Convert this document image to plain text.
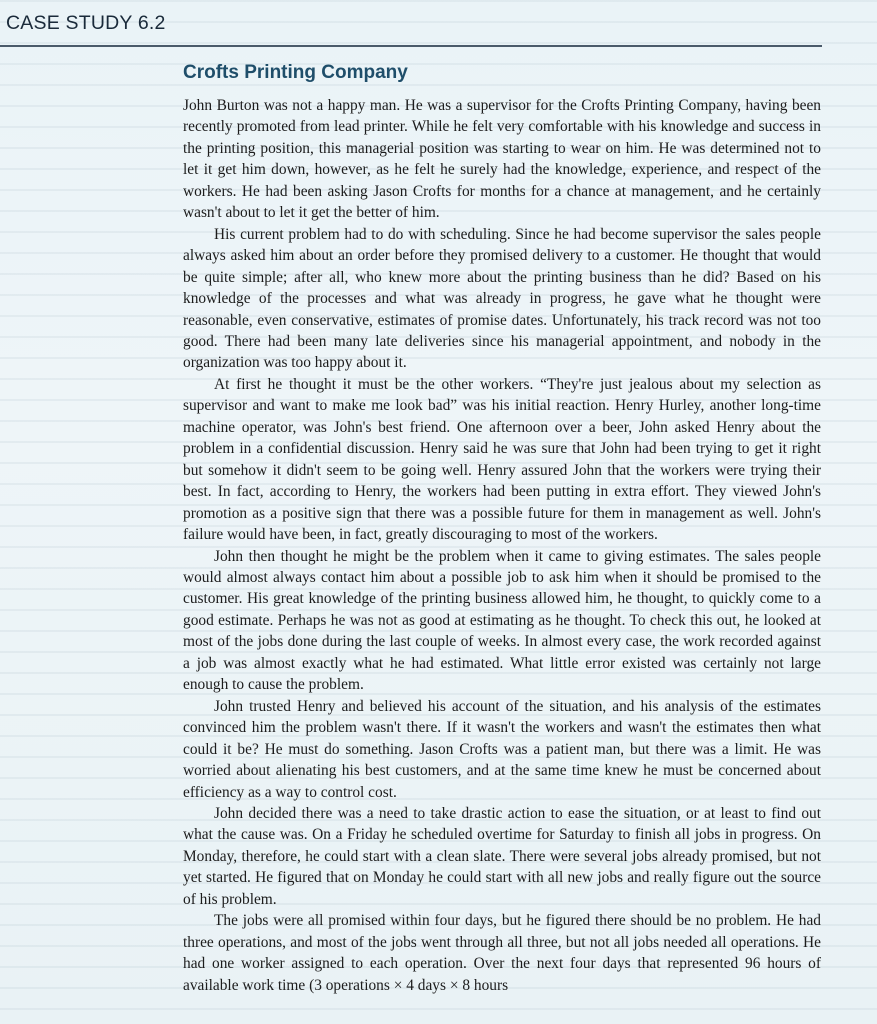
CASE STUDY 6.2
Crofts Printing Company

John Burton was not a happy man. He was a supervisor for the Crofts Printing Company, having been recently promoted from lead printer. While he felt very comfortable with his knowledge and success in the printing position, this managerial position was starting to wear on him. He was determined not to let it get him down, however, as he felt he surely had the knowledge, experience, and respect of the workers. He had been asking Jason Crofts for months for a chance at management, and he certainly wasn't about to let it get the better of him.

His current problem had to do with scheduling. Since he had become supervisor the sales people always asked him about an order before they promised delivery to a customer. He thought that would be quite simple; after all, who knew more about the printing business than he did? Based on his knowledge of the processes and what was already in progress, he gave what he thought were reasonable, even conservative, estimates of promise dates. Unfortunately, his track record was not too good. There had been many late deliveries since his managerial appointment, and nobody in the organization was too happy about it.

At first he thought it must be the other workers. “They're just jealous about my selection as supervisor and want to make me look bad” was his initial reaction. Henry Hurley, another long-time machine operator, was John's best friend. One afternoon over a beer, John asked Henry about the problem in a confidential discussion. Henry said he was sure that John had been trying to get it right but somehow it didn't seem to be going well. Henry assured John that the workers were trying their best. In fact, according to Henry, the workers had been putting in extra effort. They viewed John's promotion as a positive sign that there was a possible future for them in management as well. John's failure would have been, in fact, greatly discouraging to most of the workers.

John then thought he might be the problem when it came to giving estimates. The sales people would almost always contact him about a possible job to ask him when it should be promised to the customer. His great knowledge of the printing business allowed him, he thought, to quickly come to a good estimate. Perhaps he was not as good at estimating as he thought. To check this out, he looked at most of the jobs done during the last couple of weeks. In almost every case, the work recorded against a job was almost exactly what he had estimated. What little error existed was certainly not large enough to cause the problem.

John trusted Henry and believed his account of the situation, and his analysis of the estimates convinced him the problem wasn't there. If it wasn't the workers and wasn't the estimates then what could it be? He must do something. Jason Crofts was a patient man, but there was a limit. He was worried about alienating his best customers, and at the same time knew he must be concerned about efficiency as a way to control cost.

John decided there was a need to take drastic action to ease the situation, or at least to find out what the cause was. On a Friday he scheduled overtime for Saturday to finish all jobs in progress. On Monday, therefore, he could start with a clean slate. There were several jobs already promised, but not yet started. He figured that on Monday he could start with all new jobs and really figure out the source of his problem.

The jobs were all promised within four days, but he figured there should be no problem. He had three operations, and most of the jobs went through all three, but not all jobs needed all operations. He had one worker assigned to each operation. Over the next four days that represented 96 hours of available work time (3 operations × 4 days × 8 hours
